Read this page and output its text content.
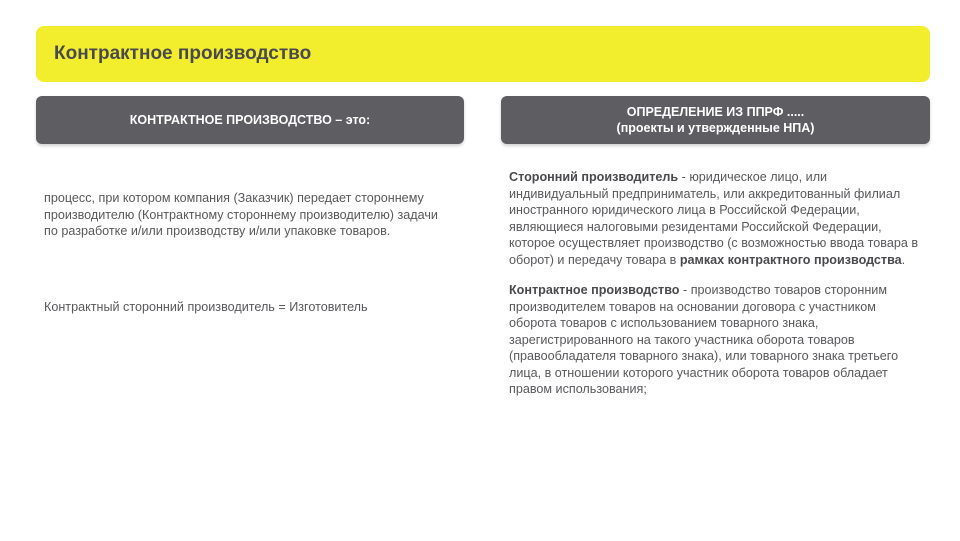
Контрактное производство
КОНТРАКТНОЕ ПРОИЗВОДСТВО – это:
ОПРЕДЕЛЕНИЕ ИЗ ППРФ .....
(проекты и утвержденные НПА)

процесс, при котором компания (Заказчик) передает стороннему производителю (Контрактному стороннему производителю) задачи по разработке и/или производству и/или упаковке товаров.

Контрактный сторонний производитель = Изготовитель

Сторонний производитель - юридическое лицо, или индивидуальный предприниматель, или аккредитованный филиал иностранного юридического лица в Российской Федерации, являющиеся налоговыми резидентами Российской Федерации, которое осуществляет производство (с возможностью ввода товара в оборот) и передачу товара в рамках контрактного производства.

Контрактное производство - производство товаров сторонним производителем товаров на основании договора с участником оборота товаров с использованием товарного знака, зарегистрированного на такого участника оборота товаров (правообладателя товарного знака), или товарного знака третьего лица, в отношении которого участник оборота товаров обладает правом использования;
